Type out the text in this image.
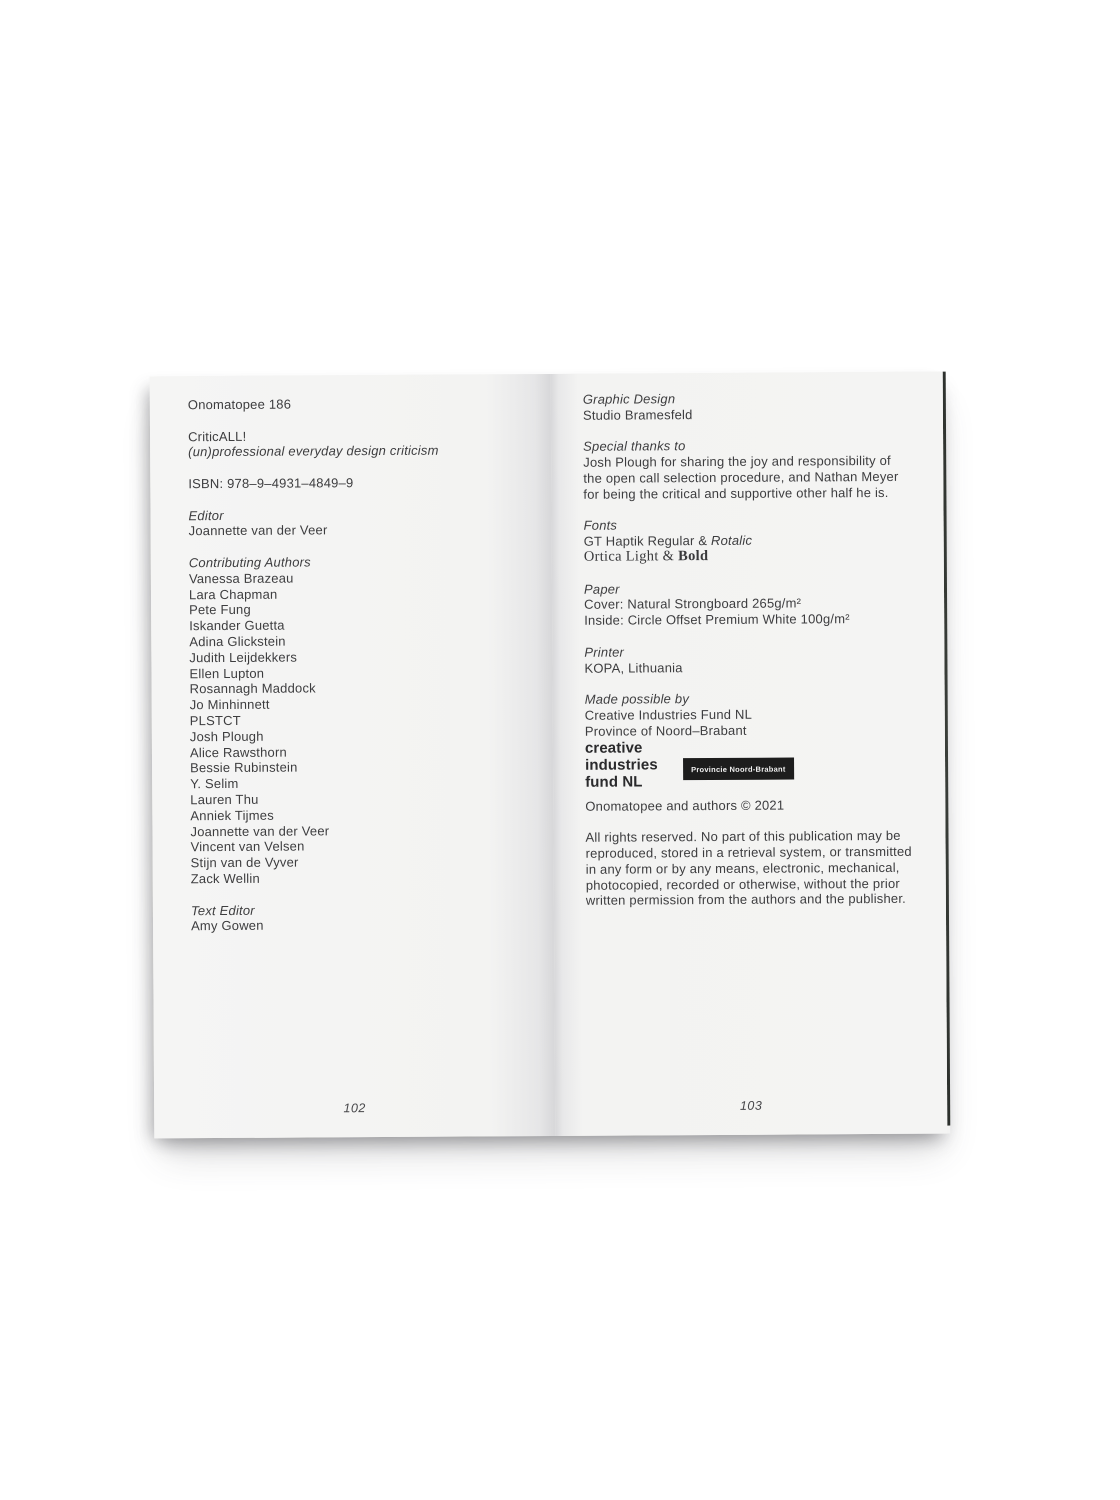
Onomatopee 186
CriticALL!
(un)professional everyday design criticism
ISBN: 978–9–4931–4849–9
Editor
Joannette van der Veer
Contributing Authors
Vanessa Brazeau
Lara Chapman
Pete Fung
Iskander Guetta
Adina Glickstein
Judith Leijdekkers
Ellen Lupton
Rosannagh Maddock
Jo Minhinnett
PLSTCT
Josh Plough
Alice Rawsthorn
Bessie Rubinstein
Y. Selim
Lauren Thu
Anniek Tijmes
Joannette van der Veer
Vincent van Velsen
Stijn van de Vyver
Zack Wellin
Text Editor
Amy Gowen
102
Graphic Design
Studio Bramesfeld
Special thanks to
Josh Plough for sharing the joy and responsibility of
the open call selection procedure, and Nathan Meyer
for being the critical and supportive other half he is.
Fonts
GT Haptik Regular & Rotalic
Ortica Light & Bold
Paper
Cover: Natural Strongboard 265g/m²
Inside: Circle Offset Premium White 100g/m²
Printer
KOPA, Lithuania
Made possible by
Creative Industries Fund NL
Province of Noord–Brabant
creative
industries
fund NL
Provincie Noord-Brabant
Onomatopee and authors © 2021
All rights reserved. No part of this publication may be
reproduced, stored in a retrieval system, or transmitted
in any form or by any means, electronic, mechanical,
photocopied, recorded or otherwise, without the prior
written permission from the authors and the publisher.
103
